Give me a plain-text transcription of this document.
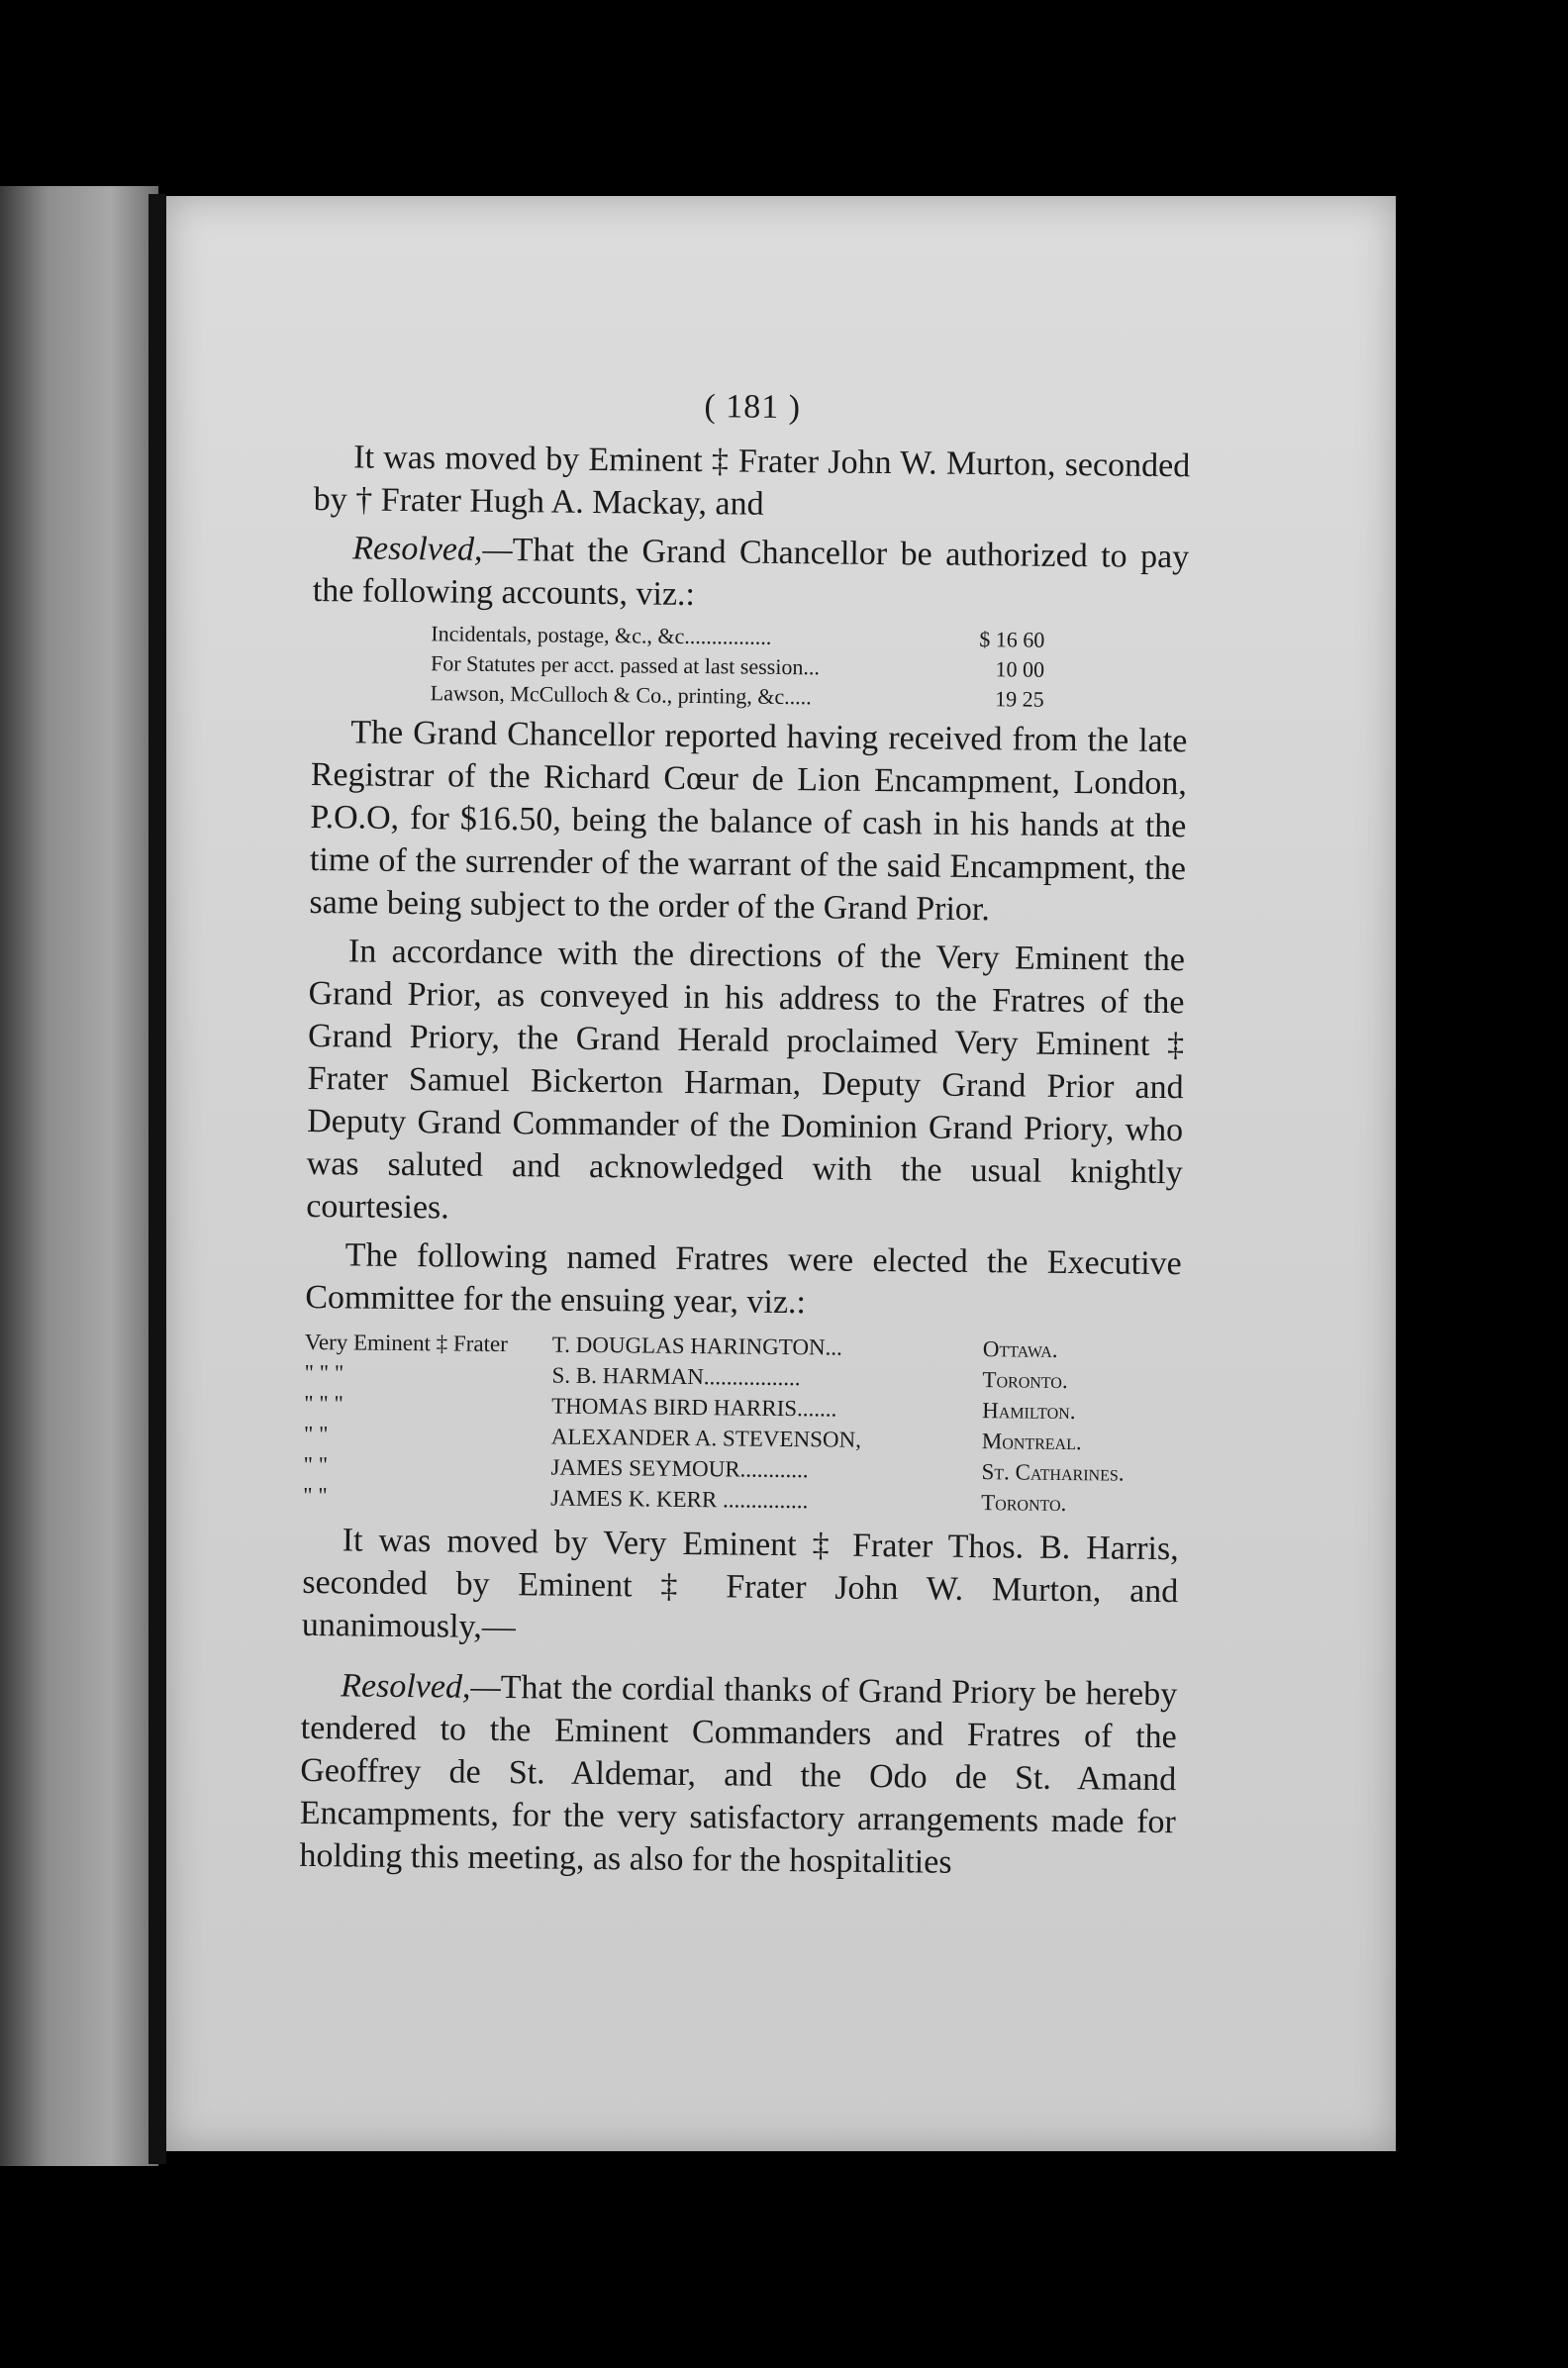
( 181 )

It was moved by Eminent ‡ Frater John W. Murton, seconded by † Frater Hugh A. Mackay, and

Resolved,—That the Grand Chancellor be authorized to pay the following accounts, viz.:

Incidentals, postage, &c., &c................	$ 16 60
For Statutes per acct. passed at last session...	10 00
Lawson, McCulloch & Co., printing, &c.....	19 25

The Grand Chancellor reported having received from the late Registrar of the Richard Cœur de Lion Encampment, London, P.O.O, for $16.50, being the balance of cash in his hands at the time of the surrender of the warrant of the said Encampment, the same being subject to the order of the Grand Prior.

In accordance with the directions of the Very Eminent the Grand Prior, as conveyed in his address to the Fratres of the Grand Priory, the Grand Herald proclaimed Very Eminent ‡ Frater Samuel Bickerton Harman, Deputy Grand Prior and Deputy Grand Commander of the Dominion Grand Priory, who was saluted and acknowledged with the usual knightly courtesies.

The following named Fratres were elected the Executive Committee for the ensuing year, viz.:

Very Eminent ‡ Frater	T. DOUGLAS HARINGTON...	Ottawa.
" " "	S. B. HARMAN.................	Toronto.
" " "	THOMAS BIRD HARRIS.......	Hamilton.
" "	ALEXANDER A. STEVENSON,	Montreal.
" "	JAMES SEYMOUR............	St. Catharines.
" "	JAMES K. KERR ...............	Toronto.

It was moved by Very Eminent ‡ Frater Thos. B. Harris, seconded by Eminent ‡ Frater John W. Murton, and unanimously,—

Resolved,—That the cordial thanks of Grand Priory be hereby tendered to the Eminent Commanders and Fratres of the Geoffrey de St. Aldemar, and the Odo de St. Amand Encampments, for the very satisfactory arrangements made for holding this meeting, as also for the hospitalities
